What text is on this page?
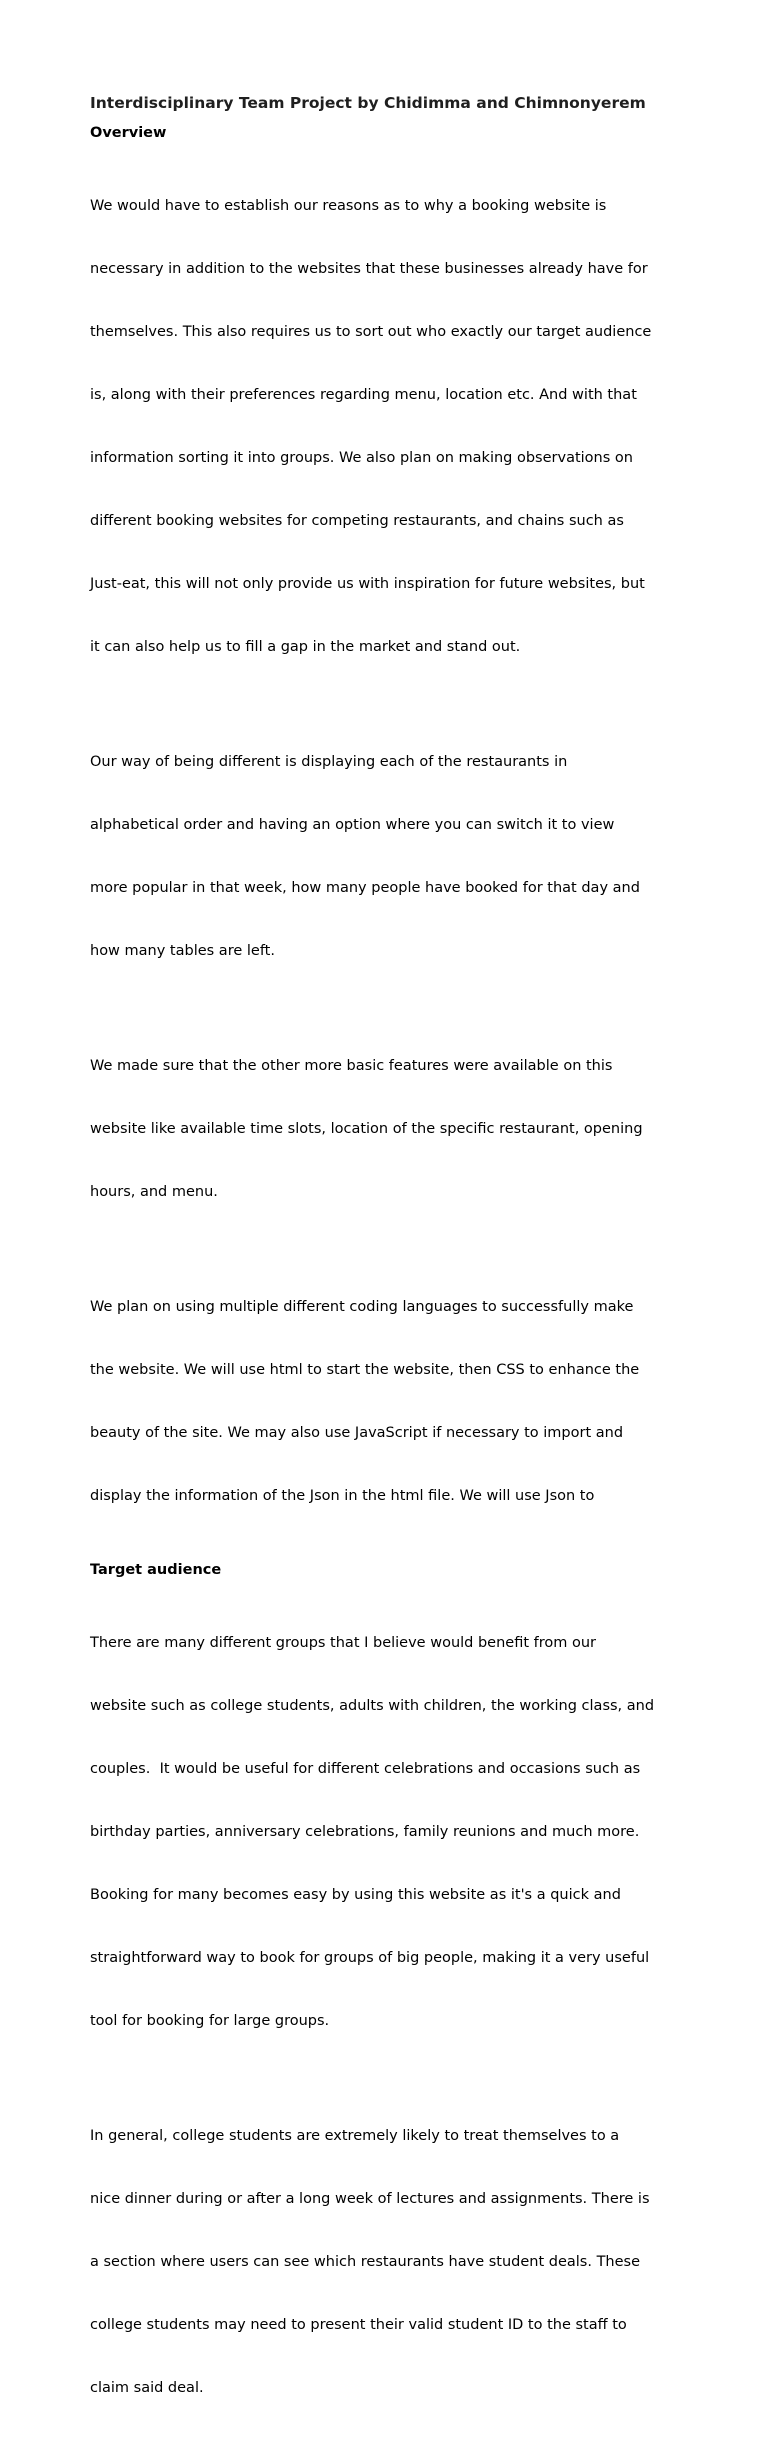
Interdisciplinary Team Project by Chidimma and Chimnonyerem
Overview

We would have to establish our reasons as to why a booking website is

necessary in addition to the websites that these businesses already have for

themselves. This also requires us to sort out who exactly our target audience

is, along with their preferences regarding menu, location etc. And with that

information sorting it into groups. We also plan on making observations on

different booking websites for competing restaurants, and chains such as

Just-eat, this will not only provide us with inspiration for future websites, but

it can also help us to fill a gap in the market and stand out.

Our way of being different is displaying each of the restaurants in

alphabetical order and having an option where you can switch it to view

more popular in that week, how many people have booked for that day and

how many tables are left.

We made sure that the other more basic features were available on this

website like available time slots, location of the specific restaurant, opening

hours, and menu.

We plan on using multiple different coding languages to successfully make

the website. We will use html to start the website, then CSS to enhance the

beauty of the site. We may also use JavaScript if necessary to import and

display the information of the Json in the html file. We will use Json to

Target audience

There are many different groups that I believe would benefit from our

website such as college students, adults with children, the working class, and

couples.  It would be useful for different celebrations and occasions such as

birthday parties, anniversary celebrations, family reunions and much more.

Booking for many becomes easy by using this website as it's a quick and

straightforward way to book for groups of big people, making it a very useful

tool for booking for large groups.

In general, college students are extremely likely to treat themselves to a

nice dinner during or after a long week of lectures and assignments. There is

a section where users can see which restaurants have student deals. These

college students may need to present their valid student ID to the staff to

claim said deal.
